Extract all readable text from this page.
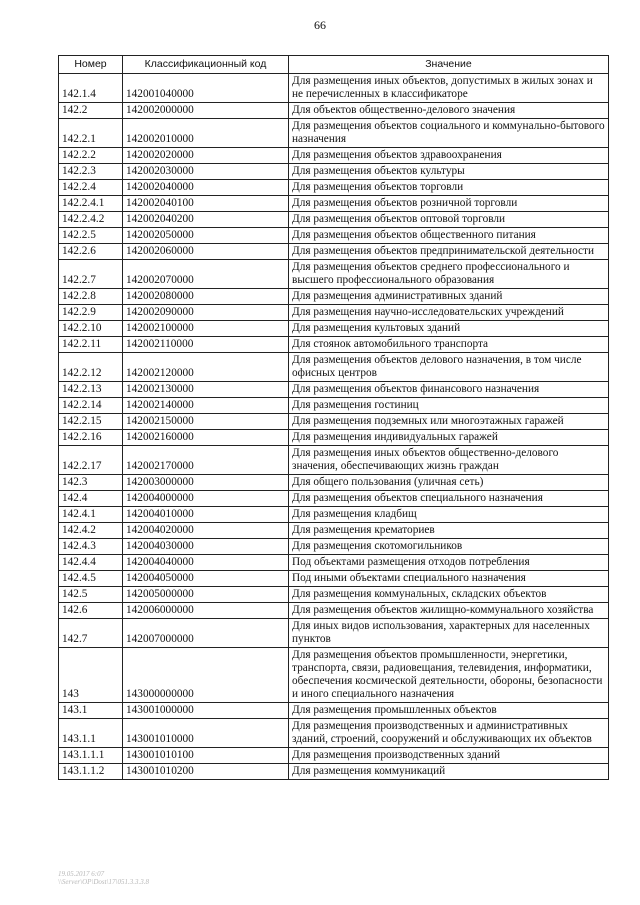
66
Номер	Классификационный код	Значение
142.1.4	142001040000	Для размещения иных объектов, допустимых в жилых зонах и не перечисленных в классификаторе
142.2	142002000000	Для объектов общественно-делового значения
142.2.1	142002010000	Для размещения объектов социального и коммунально-бытового назначения
142.2.2	142002020000	Для размещения объектов здравоохранения
142.2.3	142002030000	Для размещения объектов культуры
142.2.4	142002040000	Для размещения объектов торговли
142.2.4.1	142002040100	Для размещения объектов розничной торговли
142.2.4.2	142002040200	Для размещения объектов оптовой торговли
142.2.5	142002050000	Для размещения объектов общественного питания
142.2.6	142002060000	Для размещения объектов предпринимательской деятельности
142.2.7	142002070000	Для размещения объектов среднего профессионального и высшего профессионального образования
142.2.8	142002080000	Для размещения административных зданий
142.2.9	142002090000	Для размещения научно-исследовательских учреждений
142.2.10	142002100000	Для размещения культовых зданий
142.2.11	142002110000	Для стоянок автомобильного транспорта
142.2.12	142002120000	Для размещения объектов делового назначения, в том числе офисных центров
142.2.13	142002130000	Для размещения объектов финансового назначения
142.2.14	142002140000	Для размещения гостиниц
142.2.15	142002150000	Для размещения подземных или многоэтажных гаражей
142.2.16	142002160000	Для размещения индивидуальных гаражей
142.2.17	142002170000	Для размещения иных объектов общественно-делового значения, обеспечивающих жизнь граждан
142.3	142003000000	Для общего пользования (уличная сеть)
142.4	142004000000	Для размещения объектов специального назначения
142.4.1	142004010000	Для размещения кладбищ
142.4.2	142004020000	Для размещения крематориев
142.4.3	142004030000	Для размещения скотомогильников
142.4.4	142004040000	Под объектами размещения отходов потребления
142.4.5	142004050000	Под иными объектами специального назначения
142.5	142005000000	Для размещения коммунальных, складских объектов
142.6	142006000000	Для размещения объектов жилищно-коммунального хозяйства
142.7	142007000000	Для иных видов использования, характерных для населенных пунктов
143	143000000000	Для размещения объектов промышленности, энергетики, транспорта, связи, радиовещания, телевидения, информатики, обеспечения космической деятельности, обороны, безопасности и иного специального назначения
143.1	143001000000	Для размещения промышленных объектов
143.1.1	143001010000	Для размещения производственных и административных зданий, строений, сооружений и обслуживающих их объектов
143.1.1.1	143001010100	Для размещения производственных зданий
143.1.1.2	143001010200	Для размещения коммуникаций
19.05.2017 6:07
\\Server\OP\Dost\17\051.3.3.3.8
